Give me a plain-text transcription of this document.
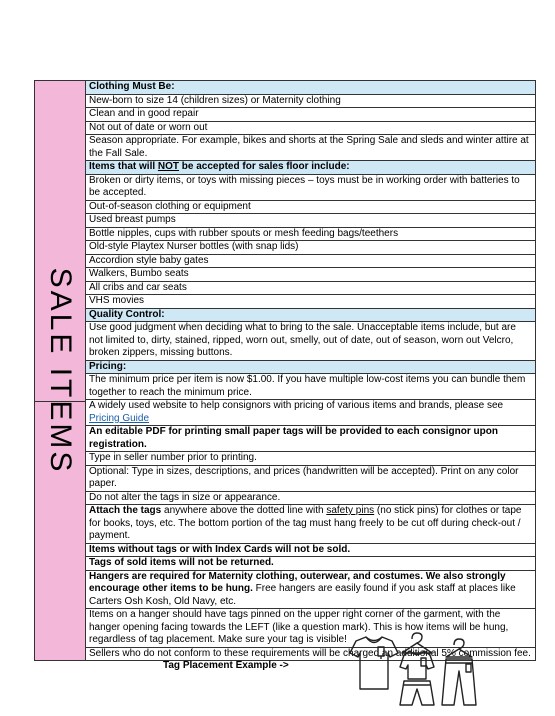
SALE ITEMS
	Clothing Must Be:
New-born to size 14 (children sizes) or Maternity clothing
Clean and in good repair
Not out of date or worn out
Season appropriate. For example, bikes and shorts at the Spring Sale and sleds and winter attire at the Fall Sale.
Items that will NOT be accepted for sales floor include:
Broken or dirty items, or toys with missing pieces – toys must be in working order with batteries to be accepted.
Out-of-season clothing or equipment
Used breast pumps
Bottle nipples, cups with rubber spouts or mesh feeding bags/teethers
Old-style Playtex Nurser bottles (with snap lids)
Accordion style baby gates
Walkers, Bumbo seats
All cribs and car seats
VHS movies
Quality Control:
Use good judgment when deciding what to bring to the sale. Unacceptable items include, but are not limited to, dirty, stained, ripped, worn out, smelly, out of date, out of season, worn out Velcro, broken zippers, missing buttons.
Pricing:
The minimum price per item is now $1.00. If you have multiple low-cost items you can bundle them together to reach the minimum price.
A widely used website to help consignors with pricing of various items and brands, please see
Pricing Guide
An editable PDF for printing small paper tags will be provided to each consignor upon registration.
Type in seller number prior to printing.
Optional: Type in sizes, descriptions, and prices (handwritten will be accepted). Print on any color paper.
Do not alter the tags in size or appearance.
Attach the tags anywhere above the dotted line with safety pins (no stick pins) for clothes or tape for books, toys, etc. The bottom portion of the tag must hang freely to be cut off during check-out / payment.
Items without tags or with Index Cards will not be sold.
Tags of sold items will not be returned.
Hangers are required for Maternity clothing, outerwear, and costumes. We also strongly encourage other items to be hung. Free hangers are easily found if you ask staff at places like Carters Osh Kosh, Old Navy, etc.
Items on a hanger should have tags pinned on the upper right corner of the garment, with the hanger opening facing towards the LEFT (like a question mark). This is how items will be hung, regardless of tag placement. Make sure your tag is visible!
Sellers who do not conform to these requirements will be charged an additional 5% commission fee.
Tag Placement Example ->
